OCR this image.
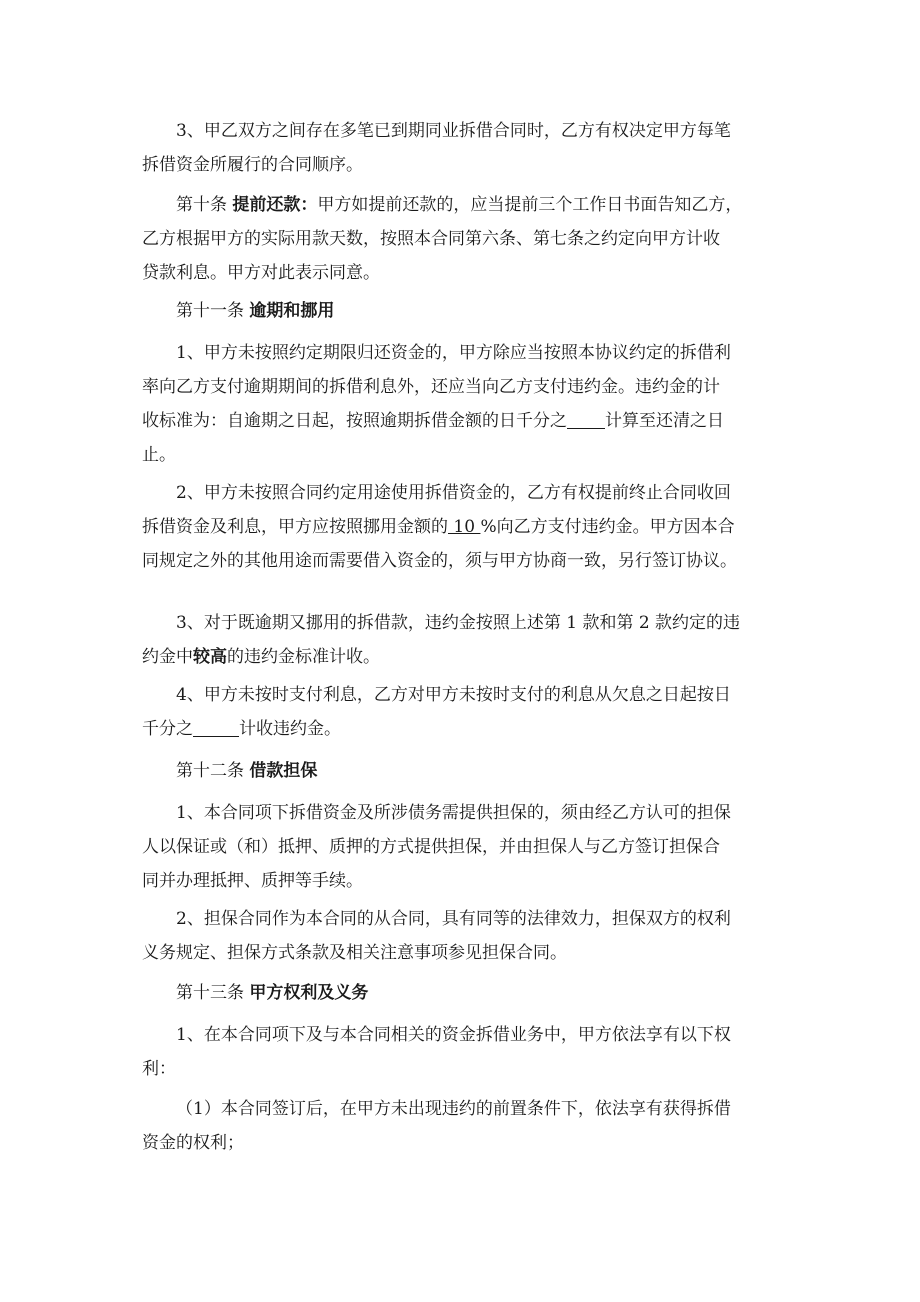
3、甲乙双方之间存在多笔已到期同业拆借合同时，乙方有权决定甲方每笔
拆借资金所履行的合同顺序。
第十条 提前还款：甲方如提前还款的，应当提前三个工作日书面告知乙方，
乙方根据甲方的实际用款天数，按照本合同第六条、第七条之约定向甲方计收
贷款利息。甲方对此表示同意。
第十一条 逾期和挪用
1、甲方未按照约定期限归还资金的，甲方除应当按照本协议约定的拆借利
率向乙方支付逾期期间的拆借利息外，还应当向乙方支付违约金。违约金的计
收标准为：自逾期之日起，按照逾期拆借金额的日千分之 计算至还清之日
止。
2、甲方未按照合同约定用途使用拆借资金的，乙方有权提前终止合同收回
拆借资金及利息，甲方应按照挪用金额的 10 %向乙方支付违约金。甲方因本合
同规定之外的其他用途而需要借入资金的，须与甲方协商一致，另行签订协议。
3、对于既逾期又挪用的拆借款，违约金按照上述第 1 款和第 2 款约定的违
约金中较高的违约金标准计收。
4、甲方未按时支付利息，乙方对甲方未按时支付的利息从欠息之日起按日
千分之	计收违约金。
第十二条 借款担保
1、本合同项下拆借资金及所涉债务需提供担保的，须由经乙方认可的担保
人以保证或（和）抵押、质押的方式提供担保，并由担保人与乙方签订担保合
同并办理抵押、质押等手续。
2、担保合同作为本合同的从合同，具有同等的法律效力，担保双方的权利
义务规定、担保方式条款及相关注意事项参见担保合同。
第十三条 甲方权利及义务
1、在本合同项下及与本合同相关的资金拆借业务中，甲方依法享有以下权
利：
（1）本合同签订后，在甲方未出现违约的前置条件下，依法享有获得拆借
资金的权利；
